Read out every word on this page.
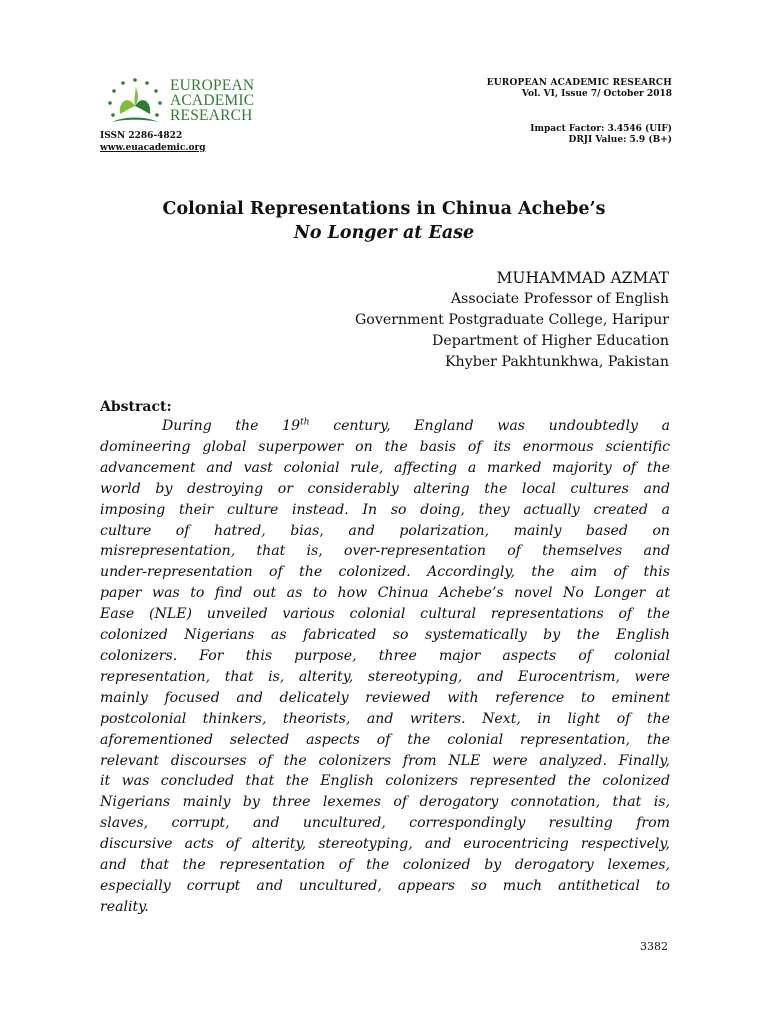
EUROPEAN
ACADEMIC
RESEARCH
ISSN 2286-4822
www.euacademic.org
EUROPEAN ACADEMIC RESEARCH
Vol. VI, Issue 7/ October 2018
Impact Factor: 3.4546 (UIF)
DRJI Value: 5.9 (B+)
Colonial Representations in Chinua Achebe’s
No Longer at Ease
MUHAMMAD AZMAT
Associate Professor of English
Government Postgraduate College, Haripur
Department of Higher Education
Khyber Pakhtunkhwa, Pakistan
Abstract:
During the 19th century, England was undoubtedly a
domineering global superpower on the basis of its enormous scientific
advancement and vast colonial rule, affecting a marked majority of the
world by destroying or considerably altering the local cultures and
imposing their culture instead. In so doing, they actually created a
culture of hatred, bias, and polarization, mainly based on
misrepresentation, that is, over-representation of themselves and
under-representation of the colonized. Accordingly, the aim of this
paper was to find out as to how Chinua Achebe’s novel No Longer at
Ease (NLE) unveiled various colonial cultural representations of the
colonized Nigerians as fabricated so systematically by the English
colonizers. For this purpose, three major aspects of colonial
representation, that is, alterity, stereotyping, and Eurocentrism, were
mainly focused and delicately reviewed with reference to eminent
postcolonial thinkers, theorists, and writers. Next, in light of the
aforementioned selected aspects of the colonial representation, the
relevant discourses of the colonizers from NLE were analyzed. Finally,
it was concluded that the English colonizers represented the colonized
Nigerians mainly by three lexemes of derogatory connotation, that is,
slaves, corrupt, and uncultured, correspondingly resulting from
discursive acts of alterity, stereotyping, and eurocentricing respectively,
and that the representation of the colonized by derogatory lexemes,
especially corrupt and uncultured, appears so much antithetical to
reality.
3382
